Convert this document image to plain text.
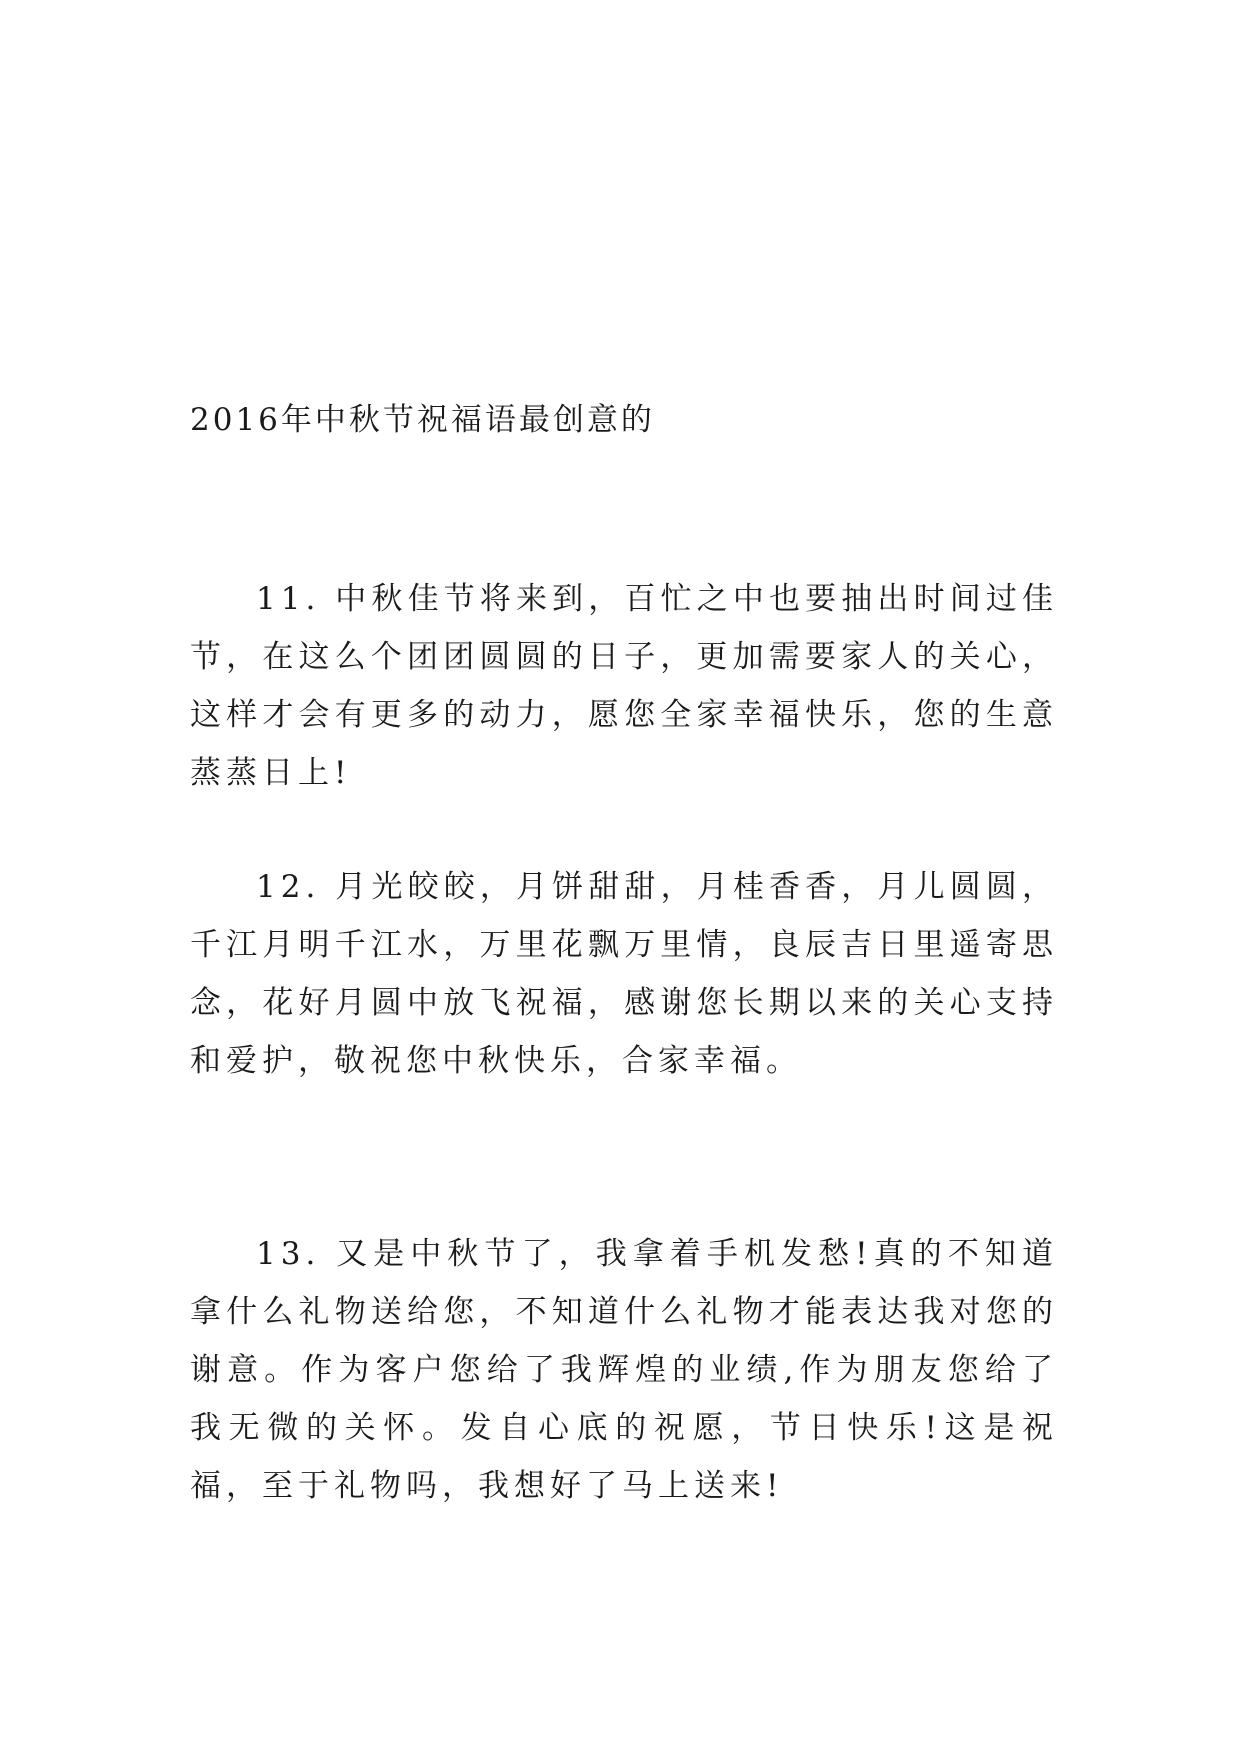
2016年中秋节祝福语最创意的
11. 中秋佳节将来到，百忙之中也要抽出时间过佳节，在这么个团团圆圆的日子，更加需要家人的关心，这样才会有更多的动力，愿您全家幸福快乐，您的生意蒸蒸日上!
12. 月光皎皎，月饼甜甜，月桂香香，月儿圆圆，千江月明千江水，万里花飘万里情，良辰吉日里遥寄思念，花好月圆中放飞祝福，感谢您长期以来的关心支持和爱护，敬祝您中秋快乐，合家幸福。
13. 又是中秋节了，我拿着手机发愁!真的不知道拿什么礼物送给您，不知道什么礼物才能表达我对您的谢意。作为客户您给了我辉煌的业绩,作为朋友您给了我无微的关怀。发自心底的祝愿，节日快乐!这是祝福，至于礼物吗，我想好了马上送来!
